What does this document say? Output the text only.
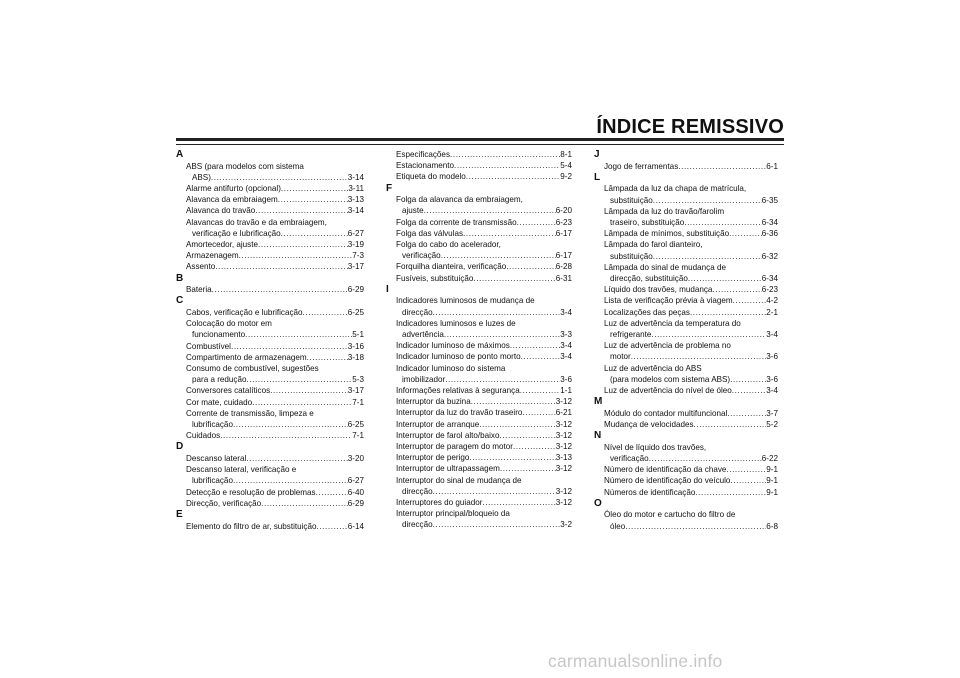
ÍNDICE REMISSIVO
A
ABS (para modelos com sistema
ABS) .....	3-14
Alarme antifurto (opcional) .....	3-11
Alavanca da embraiagem .....	3-13
Alavanca do travão .....	3-14
Alavancas do travão e da embraiagem,
verificação e lubrificação .....	6-27
Amortecedor, ajuste .....	3-19
Armazenagem .....	7-3
Assento .....	3-17
B
Bateria .....	6-29
C
Cabos, verificação e lubrificação .....	6-25
Colocação do motor em
funcionamento .....	5-1
Combustível .....	3-16
Compartimento de armazenagem .....	3-18
Consumo de combustível, sugestões
para a redução .....	5-3
Conversores catalíticos .....	3-17
Cor mate, cuidado .....	7-1
Corrente de transmissão, limpeza e
lubrificação .....	6-25
Cuidados .....	7-1
D
Descanso lateral .....	3-20
Descanso lateral, verificação e
lubrificação .....	6-27
Detecção e resolução de problemas .....	6-40
Direcção, verificação .....	6-29
E
Elemento do filtro de ar, substituição .....	6-14
Especificações .....	8-1
Estacionamento .....	5-4
Etiqueta do modelo .....	9-2
F
Folga da alavanca da embraiagem,
ajuste .....	6-20
Folga da corrente de transmissão .....	6-23
Folga das válvulas .....	6-17
Folga do cabo do acelerador,
verificação .....	6-17
Forquilha dianteira, verificação .....	6-28
Fusíveis, substituição .....	6-31
I
Indicadores luminosos de mudança de
direcção .....	3-4
Indicadores luminosos e luzes de
advertência .....	3-3
Indicador luminoso de máximos .....	3-4
Indicador luminoso de ponto morto .....	3-4
Indicador luminoso do sistema
imobilizador .....	3-6
Informações relativas à segurança .....	1-1
Interruptor da buzina .....	3-12
Interruptor da luz do travão traseiro .....	6-21
Interruptor de arranque .....	3-12
Interruptor de farol alto/baixo .....	3-12
Interruptor de paragem do motor .....	3-12
Interruptor de perigo .....	3-13
Interruptor de ultrapassagem .....	3-12
Interruptor do sinal de mudança de
direcção .....	3-12
Interruptores do guiador .....	3-12
Interruptor principal/bloqueio da
direcção .....	3-2
J
Jogo de ferramentas .....	6-1
L
Lâmpada da luz da chapa de matrícula,
substituição .....	6-35
Lâmpada da luz do travão/farolim
traseiro, substituição .....	6-34
Lâmpada de mínimos, substituição .....	6-36
Lâmpada do farol dianteiro,
substituição .....	6-32
Lâmpada do sinal de mudança de
direcção, substituição .....	6-34
Líquido dos travões, mudança .....	6-23
Lista de verificação prévia à viagem .....	4-2
Localizações das peças .....	2-1
Luz de advertência da temperatura do
refrigerante .....	3-4
Luz de advertência de problema no
motor .....	3-6
Luz de advertência do ABS
(para modelos com sistema ABS) .....	3-6
Luz de advertência do nível de óleo .....	3-4
M
Módulo do contador multifuncional .....	3-7
Mudança de velocidades .....	5-2
N
Nível de líquido dos travões,
verificação .....	6-22
Número de identificação da chave .....	9-1
Número de identificação do veículo .....	9-1
Números de identificação .....	9-1
O
Óleo do motor e cartucho do filtro de
óleo .....	6-8
carmanualsonline.info
